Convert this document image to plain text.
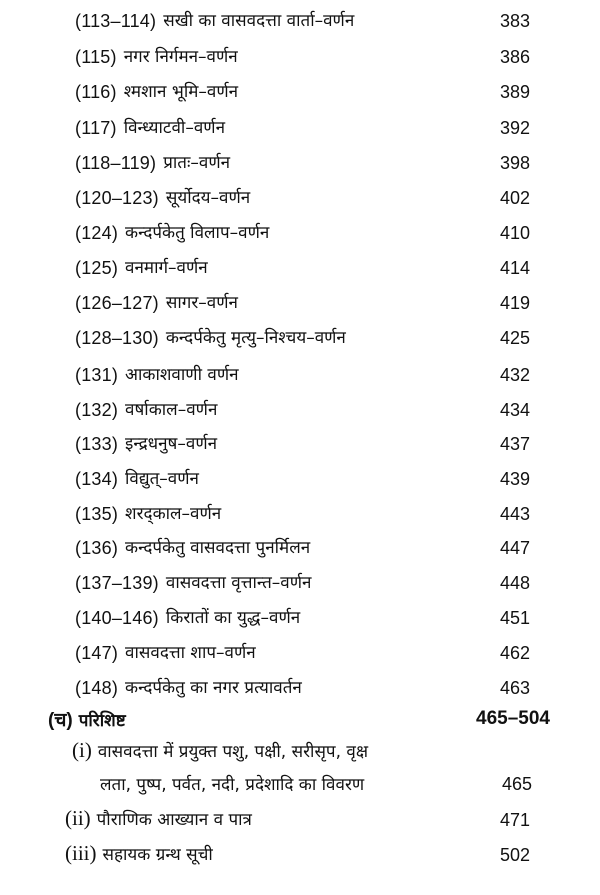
(113–114) सखी का वासवदत्ता वार्ता–वर्णन	383
(115) नगर निर्गमन–वर्णन	386
(116) श्मशान भूमि–वर्णन	389
(117) विन्ध्याटवी–वर्णन	392
(118–119) प्रातः–वर्णन	398
(120–123) सूर्योदय–वर्णन	402
(124) कन्दर्पकेतु विलाप–वर्णन	410
(125) वनमार्ग–वर्णन	414
(126–127) सागर–वर्णन	419
(128–130) कन्दर्पकेतु मृत्यु–निश्चय–वर्णन	425
(131) आकाशवाणी वर्णन	432
(132) वर्षाकाल–वर्णन	434
(133) इन्द्रधनुष–वर्णन	437
(134) विद्युत्–वर्णन	439
(135) शरद्काल–वर्णन	443
(136) कन्दर्पकेतु वासवदत्ता पुनर्मिलन	447
(137–139) वासवदत्ता वृत्तान्त–वर्णन	448
(140–146) किरातों का युद्ध–वर्णन	451
(147) वासवदत्ता शाप–वर्णन	462
(148) कन्दर्पकेतु का नगर प्रत्यावर्तन	463
(च) परिशिष्ट	465–504
(i) वासवदत्ता में प्रयुक्त पशु, पक्षी, सरीसृप, वृक्ष
लता, पुष्प, पर्वत, नदी, प्रदेशादि का विवरण	465
(ii) पौराणिक आख्यान व पात्र	471
(iii) सहायक ग्रन्थ सूची	502
